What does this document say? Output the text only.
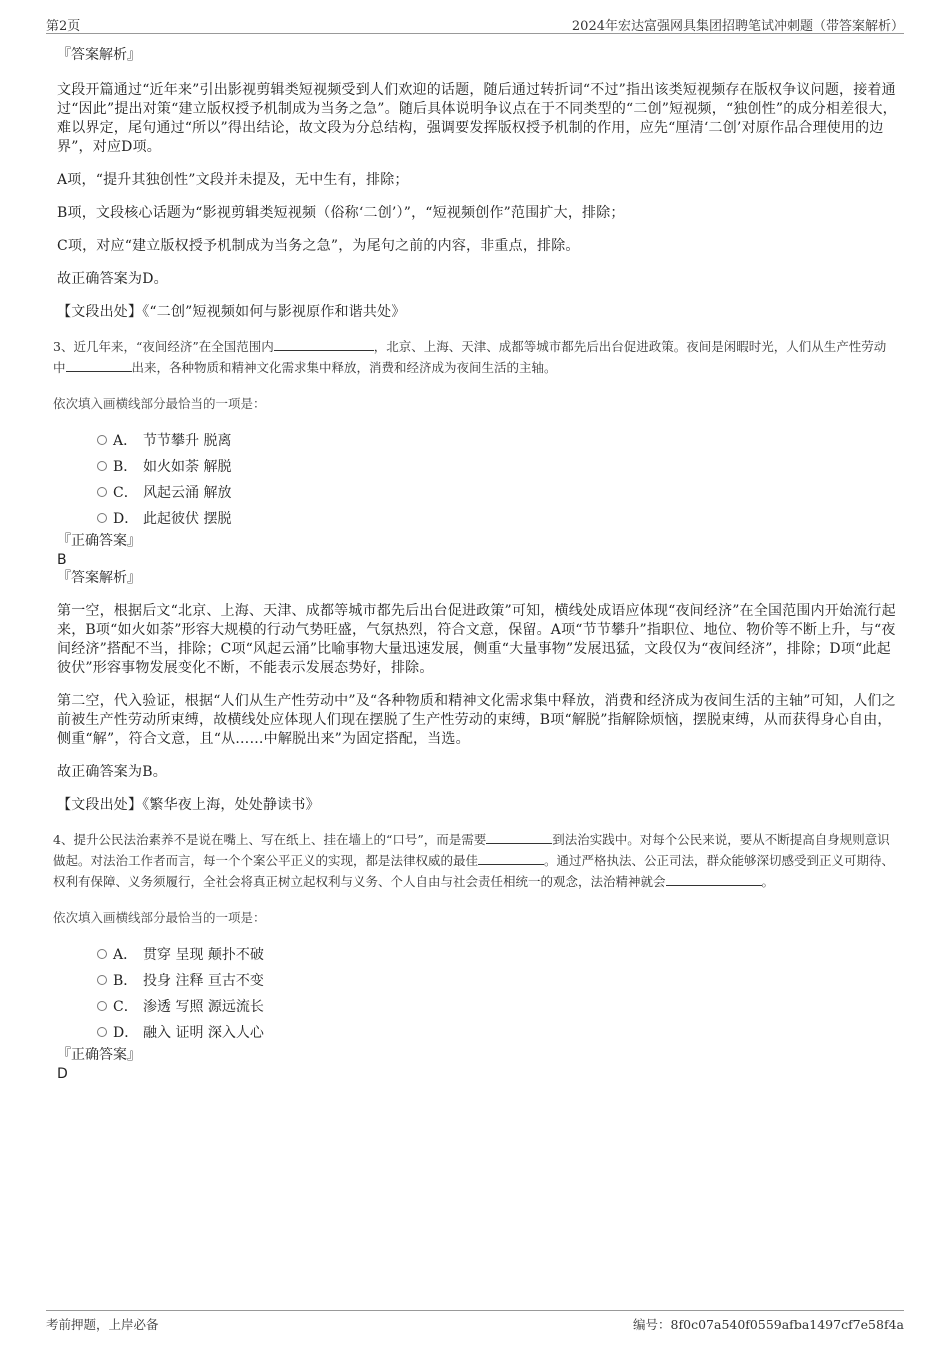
第2页	2024年宏达富强网具集团招聘笔试冲刺题（带答案解析）

『答案解析』

文段开篇通过“近年来”引出影视剪辑类短视频受到人们欢迎的话题，随后通过转折词“不过”指出该类短视频存在版权争议问题，接着通过“因此”提出对策“建立版权授予机制成为当务之急”。随后具体说明争议点在于不同类型的“二创”短视频，“独创性”的成分相差很大，难以界定，尾句通过“所以”得出结论，故文段为分总结构，强调要发挥版权授予机制的作用，应先“厘清‘二创’对原作品合理使用的边界”，对应D项。

A项，“提升其独创性”文段并未提及，无中生有，排除；

B项，文段核心话题为“影视剪辑类短视频（俗称‘二创’）”，“短视频创作”范围扩大，排除；

C项，对应“建立版权授予机制成为当务之急”，为尾句之前的内容，非重点，排除。

故正确答案为D。

【文段出处】《“二创”短视频如何与影视原作和谐共处》

3、近几年来，“夜间经济”在全国范围内	，北京、上海、天津、成都等城市都先后出台促进政策。夜间是闲暇时光，人们从生产性劳动中	出来，各种物质和精神文化需求集中释放，消费和经济成为夜间生活的主轴。

依次填入画横线部分最恰当的一项是：

A． 节节攀升 脱离
B． 如火如荼 解脱
C． 风起云涌 解放
D． 此起彼伏 摆脱

『正确答案』

B

『答案解析』

第一空，根据后文“北京、上海、天津、成都等城市都先后出台促进政策”可知，横线处成语应体现“夜间经济”在全国范围内开始流行起来，B项“如火如荼”形容大规模的行动气势旺盛，气氛热烈，符合文意，保留。A项“节节攀升”指职位、地位、物价等不断上升，与“夜间经济”搭配不当，排除；C项“风起云涌”比喻事物大量迅速发展，侧重“大量事物”发展迅猛，文段仅为“夜间经济”，排除；D项“此起彼伏”形容事物发展变化不断，不能表示发展态势好，排除。

第二空，代入验证，根据“人们从生产性劳动中”及“各种物质和精神文化需求集中释放，消费和经济成为夜间生活的主轴”可知，人们之前被生产性劳动所束缚，故横线处应体现人们现在摆脱了生产性劳动的束缚，B项“解脱”指解除烦恼，摆脱束缚，从而获得身心自由，侧重“解”，符合文意，且“从……中解脱出来”为固定搭配，当选。

故正确答案为B。

【文段出处】《繁华夜上海，处处静读书》

4、提升公民法治素养不是说在嘴上、写在纸上、挂在墙上的“口号”，而是需要	到法治实践中。对每个公民来说，要从不断提高自身规则意识做起。对法治工作者而言，每一个个案公平正义的实现，都是法律权威的最佳	。通过严格执法、公正司法，群众能够深切感受到正义可期待、权利有保障、义务须履行，全社会将真正树立起权利与义务、个人自由与社会责任相统一的观念，法治精神就会	。

依次填入画横线部分最恰当的一项是：

A． 贯穿 呈现 颠扑不破
B． 投身 注释 亘古不变
C． 渗透 写照 源远流长
D． 融入 证明 深入人心

『正确答案』

D

考前押题，上岸必备	编号：8f0c07a540f0559afba1497cf7e58f4a
